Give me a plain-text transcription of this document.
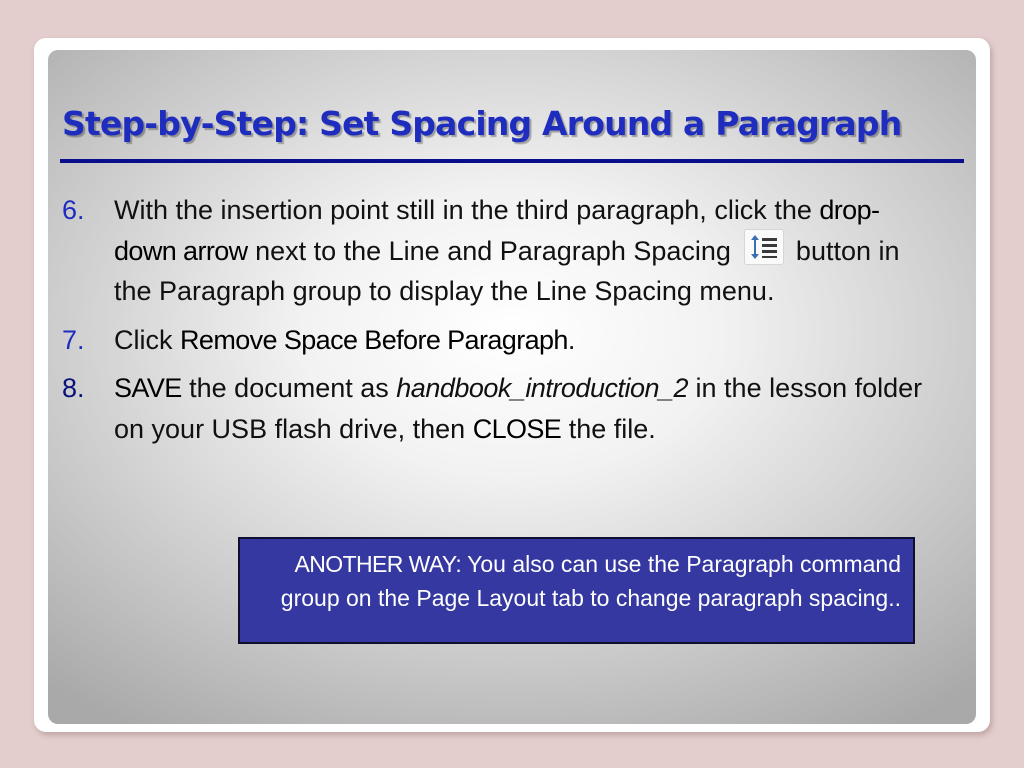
Step-by-Step: Set Spacing Around a Paragraph
6. With the insertion point still in the third paragraph, click the drop-down arrow next to the Line and Paragraph Spacing
button in the Paragraph group to display the Line Spacing menu.
7. Click Remove Space Before Paragraph.
8. SAVE the document as handbook_introduction_2 in the lesson folder on your USB flash drive, then CLOSE the file.
ANOTHER WAY: You also can use the Paragraph command group on the Page Layout tab to change paragraph spacing..
